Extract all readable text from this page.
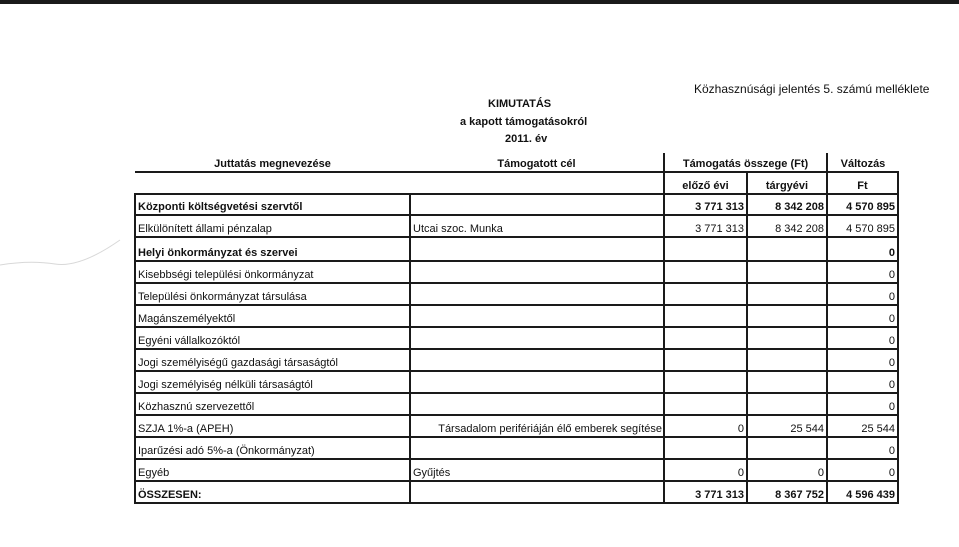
Közhasznúsági jelentés 5. számú melléklete
KIMUTATÁS
a kapott támogatásokról
2011. év
Juttatás megnevezése	Támogatott cél	Támogatás összege (Ft)		Változás
		előző évi	tárgyévi	Ft
Központi költségvetési szervtől		3 771 313	8 342 208	4 570 895
Elkülönített állami pénzalap	Utcai szoc. Munka	3 771 313	8 342 208	4 570 895
Helyi önkormányzat és szervei				0
Kisebbségi települési önkormányzat				0
Települési önkormányzat társulása				0
Magánszemélyektől				0
Egyéni vállalkozóktól				0
Jogi személyiségű gazdasági társaságtól				0
Jogi személyiség nélküli társaságtól				0
Közhasznú szervezettől				0
SZJA 1%-a (APEH)	Társadalom perifériáján élő emberek segítése	0	25 544	25 544
Iparűzési adó 5%-a (Önkormányzat)				0
Egyéb	Gyűjtés	0	0	0
ÖSSZESEN:		3 771 313	8 367 752	4 596 439
